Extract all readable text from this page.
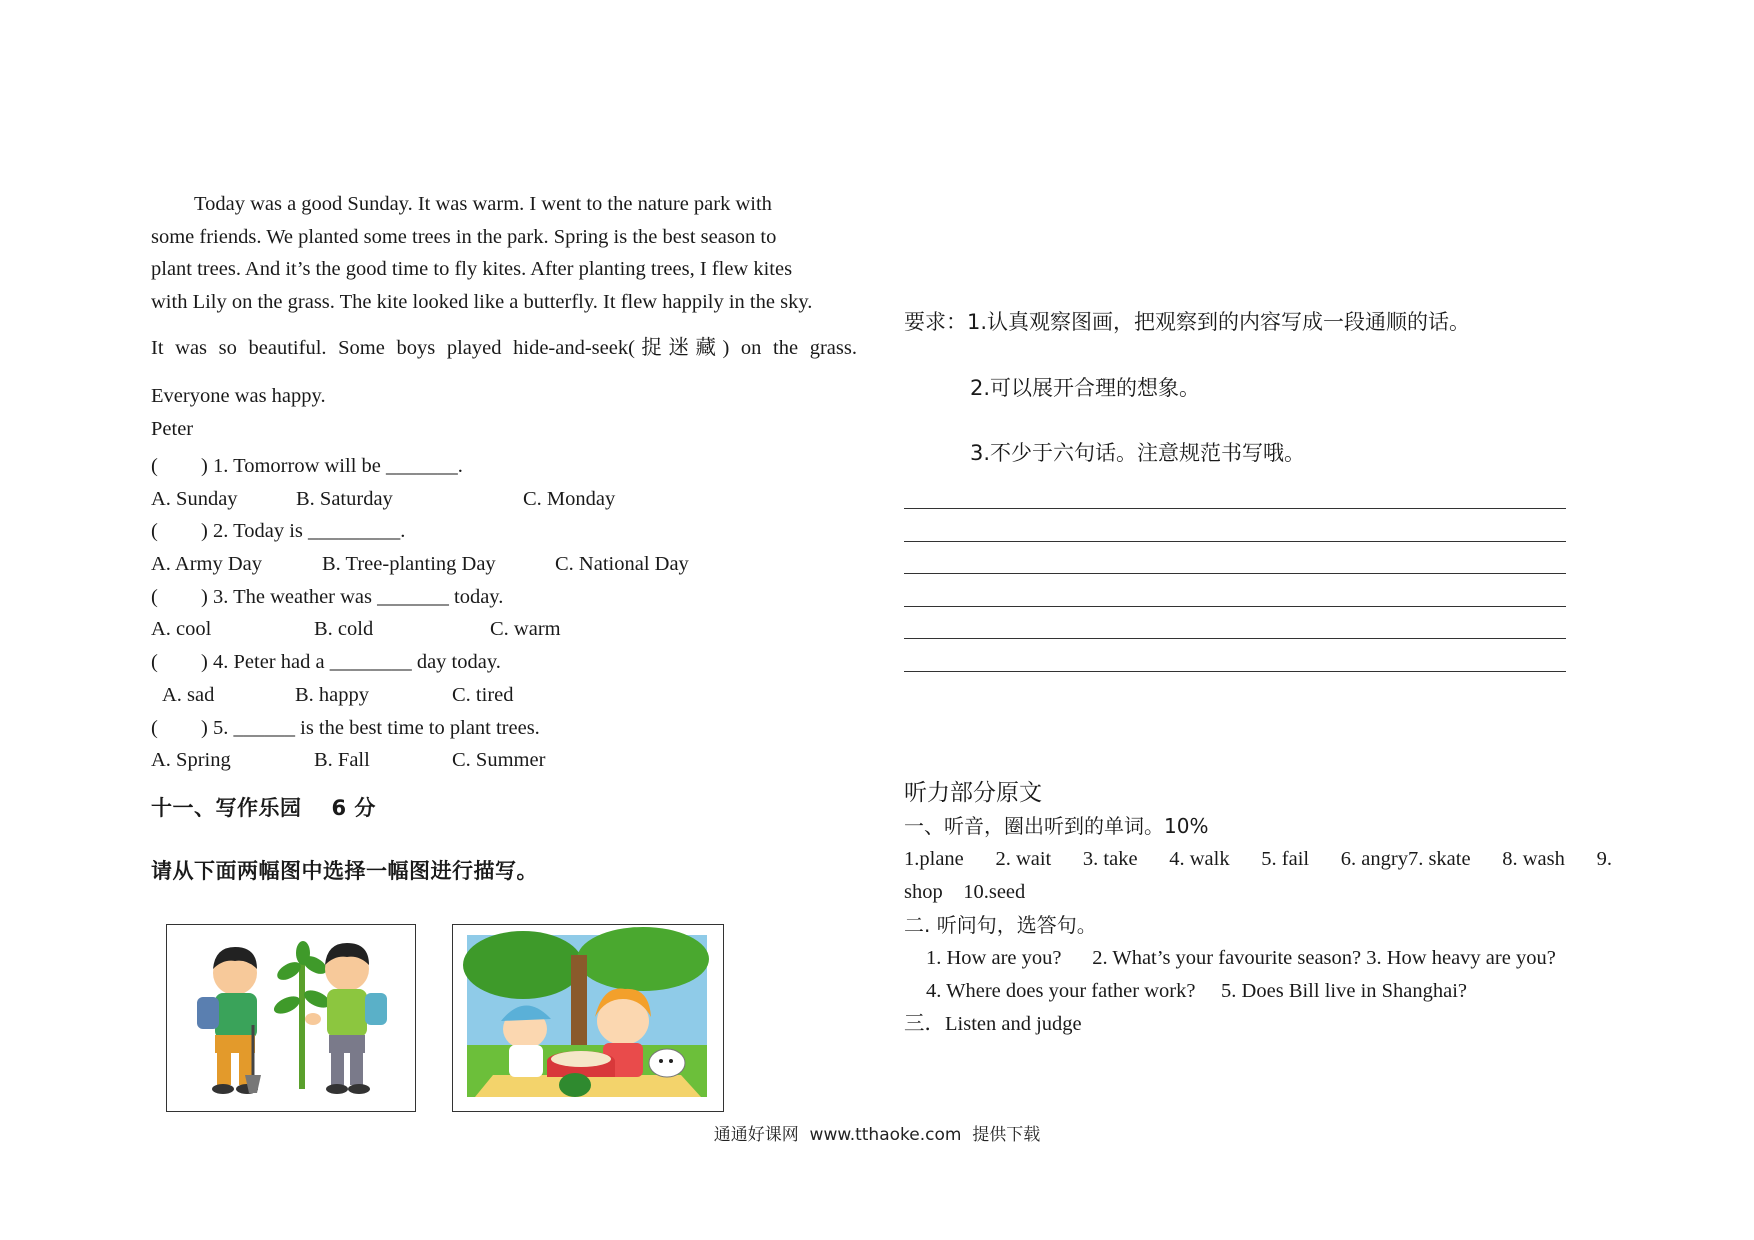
Today was a good Sunday. It was warm. I went to the nature park with
some friends. We planted some trees in the park. Spring is the best season to
plant trees. And it’s the good time to fly kites. After planting trees, I flew kites
with Lily on the grass. The kite looked like a butterfly. It flew happily in the sky.
It was so beautiful. Some boys played hide-and-seek(捉迷藏) on the grass.
Everyone was happy.
Peter
( ) 1. Tomorrow will be _______.
A. Sunday	B. Saturday	C. Monday
( ) 2. Today is _________.
A. Army Day	B. Tree-planting Day	C. National Day
( ) 3. The weather was _______ today.
A. cool	B. cold	C. warm
( ) 4. Peter had a ________ day today.
A. sad	B. happy	C. tired
( ) 5. ______ is the best time to plant trees.
A. Spring	B. Fall	C. Summer
十一、写作乐园 6 分
请从下面两幅图中选择一幅图进行描写。
要求：1.认真观察图画，把观察到的内容写成一段通顺的话。
2.可以展开合理的想象。
3.不少于六句话。注意规范书写哦。
听力部分原文
一、听音，圈出听到的单词。10%
1.plane 2. wait 3. take 4. walk 5. fail 6. angry7. skate 8. wash 9.
shop    10.seed
二. 听问句，选答句。
1. How are you?      2. What’s your favourite season? 3. How heavy are you?
4. Where does your father work?     5. Does Bill live in Shanghai?
三．Listen and judge
通通好课网  www.tthaoke.com  提供下载
